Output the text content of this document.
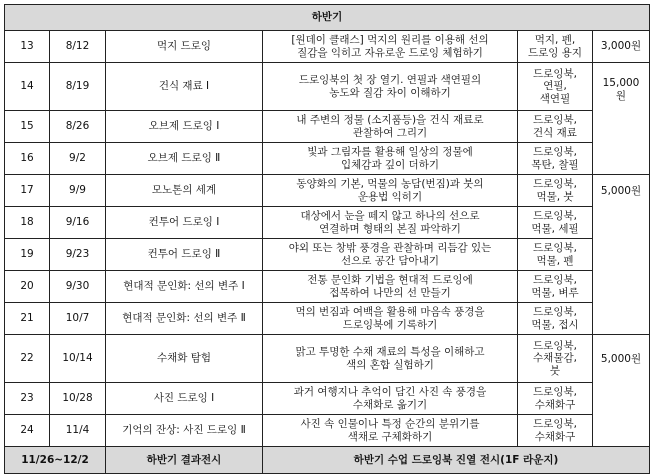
하반기					
13	8/12	먹지 드로잉	[원데이 클래스] 먹지의 원리를 이용해 선의
질감을 익히고 자유로운 드로잉 체험하기	먹지, 펜,
드로잉 용지	3,000원
14	8/19	건식 재료 Ⅰ	드로잉북의 첫 장 열기. 연필과 색연필의
농도와 질감 차이 이해하기	드로잉북,
연필,
색연필	15,000
원

15	8/26	오브제 드로잉 Ⅰ	내 주변의 정물 (소지품등)을 건식 재료로
관찰하여 그리기	드로잉북,
건식 재료	

16	9/2	오브제 드로잉 Ⅱ	빛과 그림자를 활용해 일상의 정물에
입체감과 깊이 더하기	드로잉북,
목탄, 찰필	

17	9/9	모노톤의 세계	동양화의 기본, 먹물의 농담(번짐)과 붓의
운용법 익히기	드로잉북,
먹물, 붓	5,000원
18	9/16	컨투어 드로잉 Ⅰ	대상에서 눈을 떼지 않고 하나의 선으로
연결하며 형태의 본질 파악하기	드로잉북,
먹물, 세필	

19	9/23	컨투어 드로잉 Ⅱ	야외 또는 창밖 풍경을 관찰하며 리듬감 있는
선으로 공간 담아내기	드로잉북,
먹물, 펜	

20	9/30	현대적 문인화: 선의 변주 Ⅰ	전통 문인화 기법을 현대적 드로잉에
접목하여 나만의 선 만들기	드로잉북,
먹물, 벼루	

21	10/7	현대적 문인화: 선의 변주 Ⅱ	먹의 번짐과 여백을 활용해 마음속 풍경을
드로잉북에 기록하기	드로잉북,
먹물, 접시	

22	10/14	수채화 탐험	맑고 투명한 수채 재료의 특성을 이해하고
색의 혼합 실험하기	드로잉북,
수채물감,
붓	5,000원
23	10/28	사진 드로잉 Ⅰ	과거 여행지나 추억이 담긴 사진 속 풍경을
수채화로 옮기기	드로잉북,
수채화구	

24	11/4	기억의 잔상: 사진 드로잉 Ⅱ	사진 속 인물이나 특정 순간의 분위기를
색채로 구체화하기	드로잉북,
수채화구	

11/26~12/2		하반기 결과전시	하반기 수업 드로잉북 진열 전시(1F 라운지)		
